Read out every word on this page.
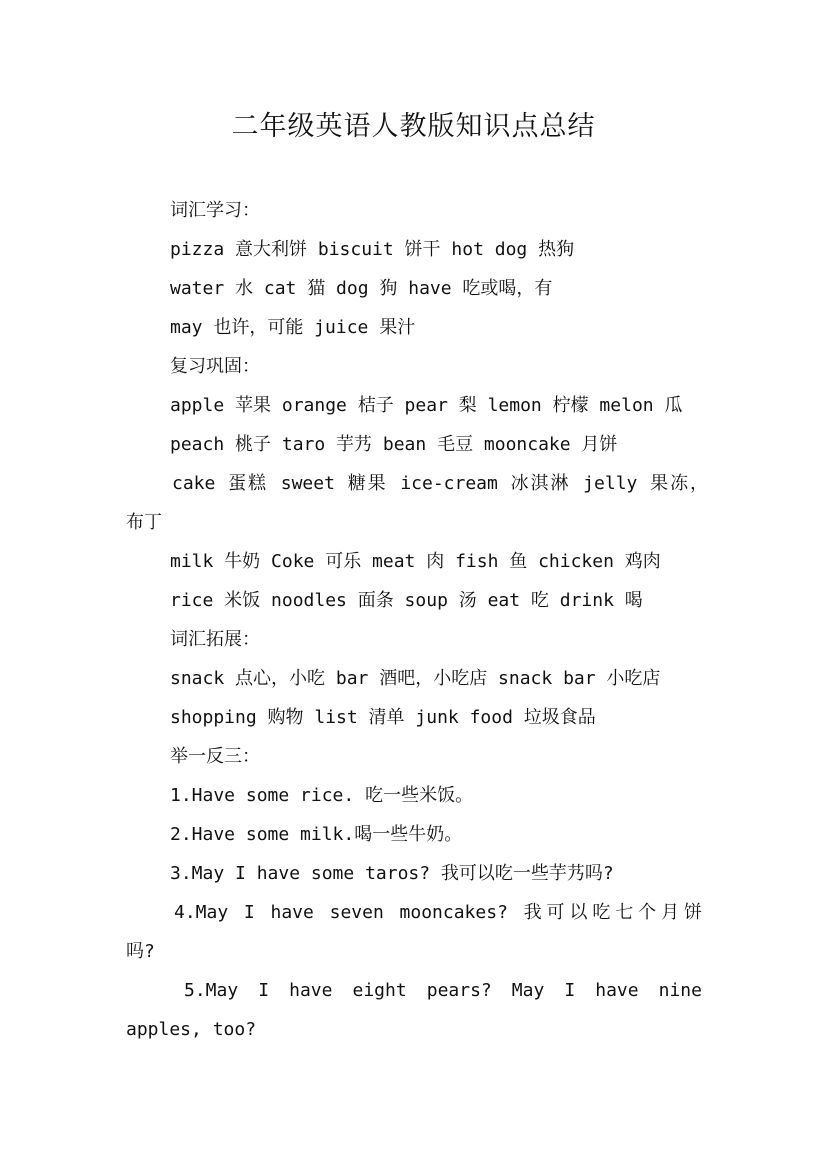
二年级英语人教版知识点总结
词汇学习：
pizza 意大利饼 biscuit 饼干 hot dog 热狗
water 水 cat 猫 dog 狗 have 吃或喝，有
may 也许，可能 juice 果汁
复习巩固：
apple 苹果 orange 桔子 pear 梨 lemon 柠檬 melon 瓜
peach 桃子 taro 芋艿 bean 毛豆 mooncake 月饼
cake 蛋糕 sweet 糖果 ice-cream 冰淇淋 jelly 果冻，
布丁
milk 牛奶 Coke 可乐 meat 肉 fish 鱼 chicken 鸡肉
rice 米饭 noodles 面条 soup 汤 eat 吃 drink 喝
词汇拓展：
snack 点心，小吃 bar 酒吧，小吃店 snack bar 小吃店
shopping 购物 list 清单 junk food 垃圾食品
举一反三：
1.Have some rice. 吃一些米饭。
2.Have some milk.喝一些牛奶。
3.May I have some taros? 我可以吃一些芋艿吗?
4.May I have seven mooncakes? 我可以吃七个月饼
吗?
5.May I have eight pears? May I have nine
apples, too?
